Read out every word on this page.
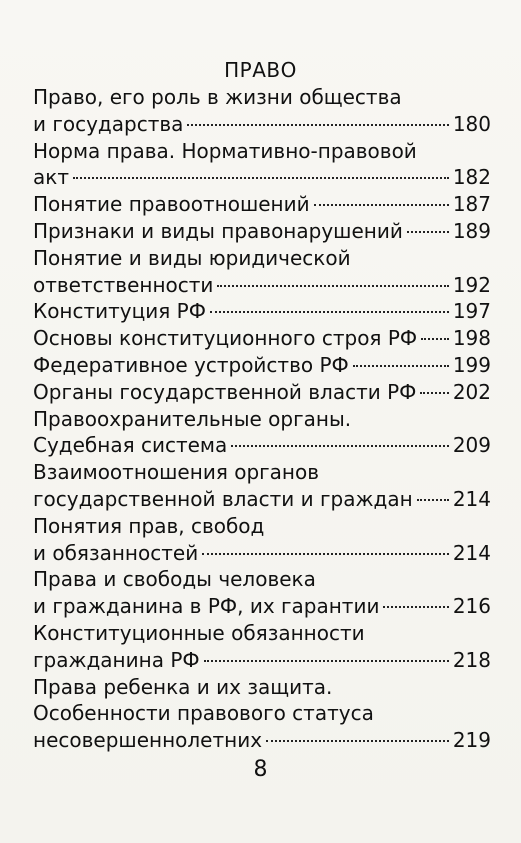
ПРАВО
Право, его роль в жизни общества
и государства	180
Норма права. Нормативно-правовой
акт	182
Понятие правоотношений	187
Признаки и виды правонарушений 189
Понятие и виды юридической
ответственности	192
Конституция РФ	197
Основы конституционного строя РФ 198
Федеративное устройство РФ	199
Органы государственной власти РФ 202
Правоохранительные органы.
Судебная система	209
Взаимоотношения органов
государственной власти и граждан 214
Понятия прав, свобод
и обязанностей	214
Права и свободы человека
и гражданина в РФ, их гарантии	216
Конституционные обязанности
гражданина РФ	218
Права ребенка и их защита.
Особенности правового статуса
несовершеннолетних	219
8
